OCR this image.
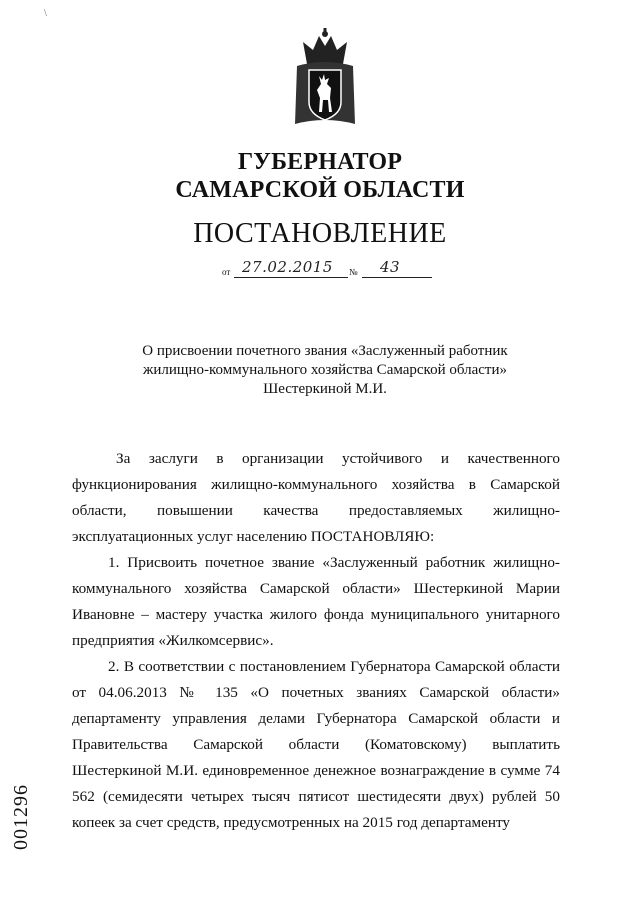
\
ГУБЕРНАТОР
САМАРСКОЙ ОБЛАСТИ
ПОСТАНОВЛЕНИЕ
от 27.02.2015 № 43
О присвоении почетного звания «Заслуженный работник
жилищно-коммунального хозяйства Самарской области»
Шестеркиной М.И.

За заслуги в организации устойчивого и качественного функционирования жилищно-коммунального хозяйства в Самарской области, повышении качества предоставляемых жилищно-эксплуатационных услуг населению ПОСТАНОВЛЯЮ:

1. Присвоить почетное звание «Заслуженный работник жилищно-коммунального хозяйства Самарской области» Шестеркиной Марии Ивановне – мастеру участка жилого фонда муниципального унитарного предприятия «Жилкомсервис».

2. В соответствии с постановлением Губернатора Самарской области от 04.06.2013 № 135 «О почетных званиях Самарской области» департаменту управления делами Губернатора Самарской области и Правительства Самарской области (Коматовскому) выплатить Шестеркиной М.И. единовременное денежное вознаграждение в сумме 74 562 (семидесяти четырех тысяч пятисот шестидесяти двух) рублей 50 копеек за счет средств, предусмотренных на 2015 год департаменту

001296
